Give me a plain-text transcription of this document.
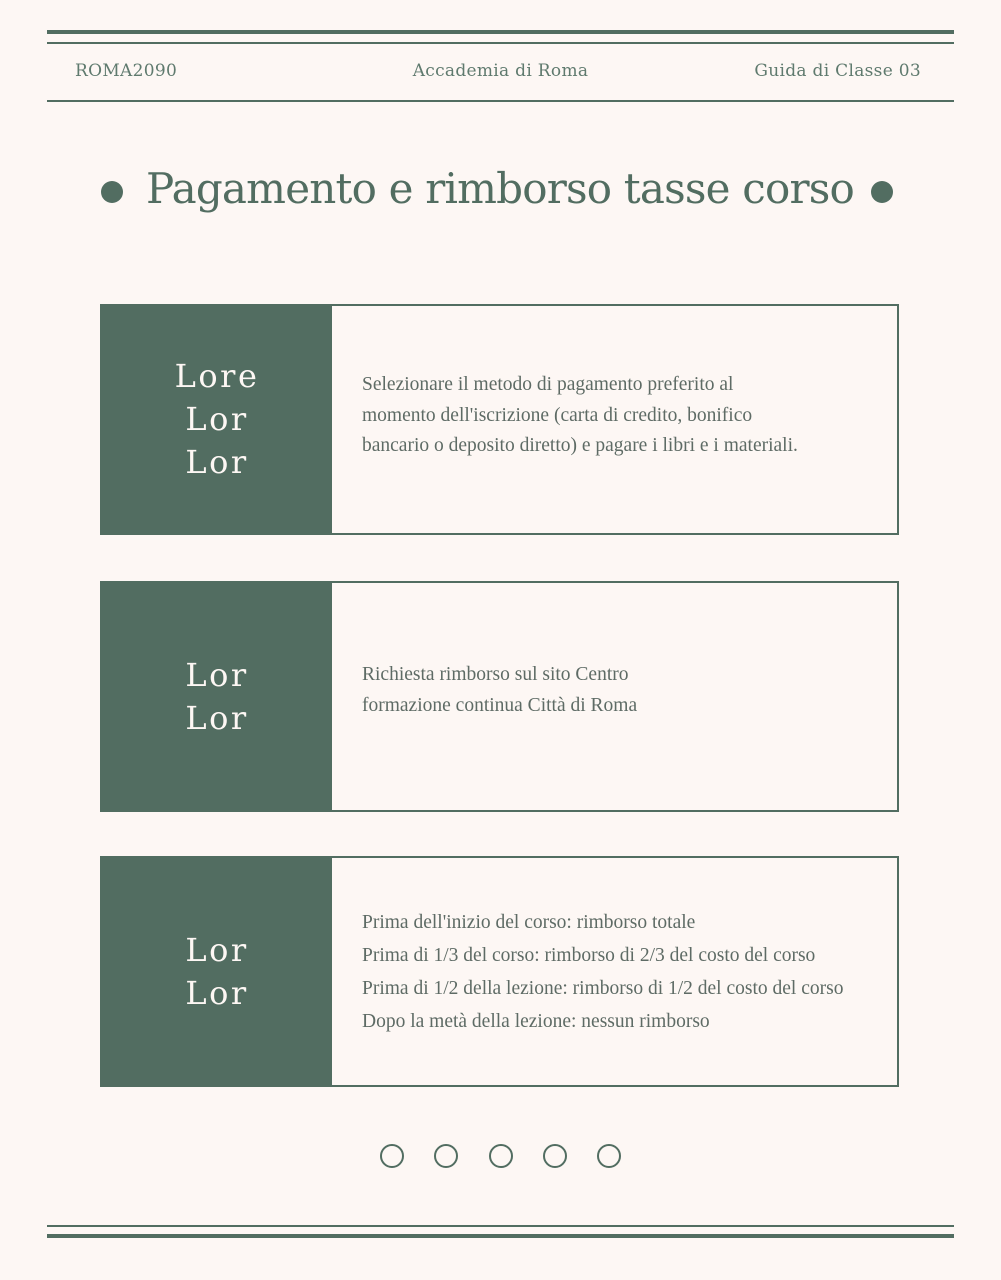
ROMA2090	Accademia di Roma	Guida di Classe 03
Pagamento e rimborso tasse corso
Lore
Lor
Lor
Selezionare il metodo di pagamento preferito al
momento dell'iscrizione (carta di credito, bonifico
bancario o deposito diretto) e pagare i libri e i materiali.
Lor
Lor
Richiesta rimborso sul sito Centro
formazione continua Città di Roma
Lor
Lor
Prima dell'inizio del corso: rimborso totale
Prima di 1/3 del corso: rimborso di 2/3 del costo del corso
Prima di 1/2 della lezione: rimborso di 1/2 del costo del corso
Dopo la metà della lezione: nessun rimborso
